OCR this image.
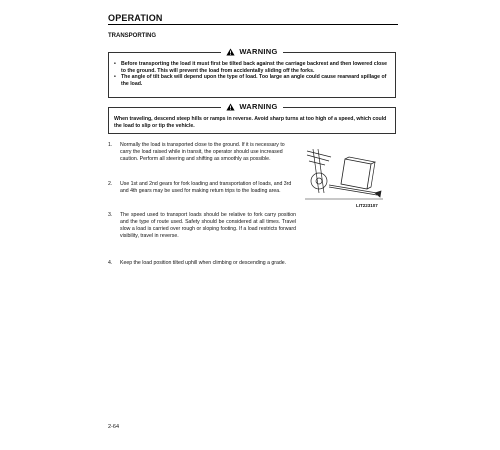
OPERATION
TRANSPORTING
WARNING
• Before transporting the load it must first be tilted back against the carriage backrest and then lowered close to the ground. This will prevent the load from accidentally sliding off the forks.
• The angle of tilt back will depend upon the type of load. Too large an angle could cause rearward spillage of the load.
WARNING
When traveling, descend steep hills or ramps in reverse. Avoid sharp turns at too high of a speed, which could the load to slip or tip the vehicle.
1. Normally the load is transported close to the ground. If it is necessary to carry the load raised while in transit, the operator should use increased caution. Perform all steering and shifting as smoothly as possible.
2. Use 1st and 2nd gears for fork loading and transportation of loads, and 3rd and 4th gears may be used for making return trips to the loading area.
3. The speed used to transport loads should be relative to fork carry position and the type of route used. Safety should be considered at all times. Travel slow a load is carried over rough or sloping footing. If a load restricts forward visibility, travel in reverse.
4. Keep the load position tilted uphill when climbing or descending a grade.
LIT223107
2-64
